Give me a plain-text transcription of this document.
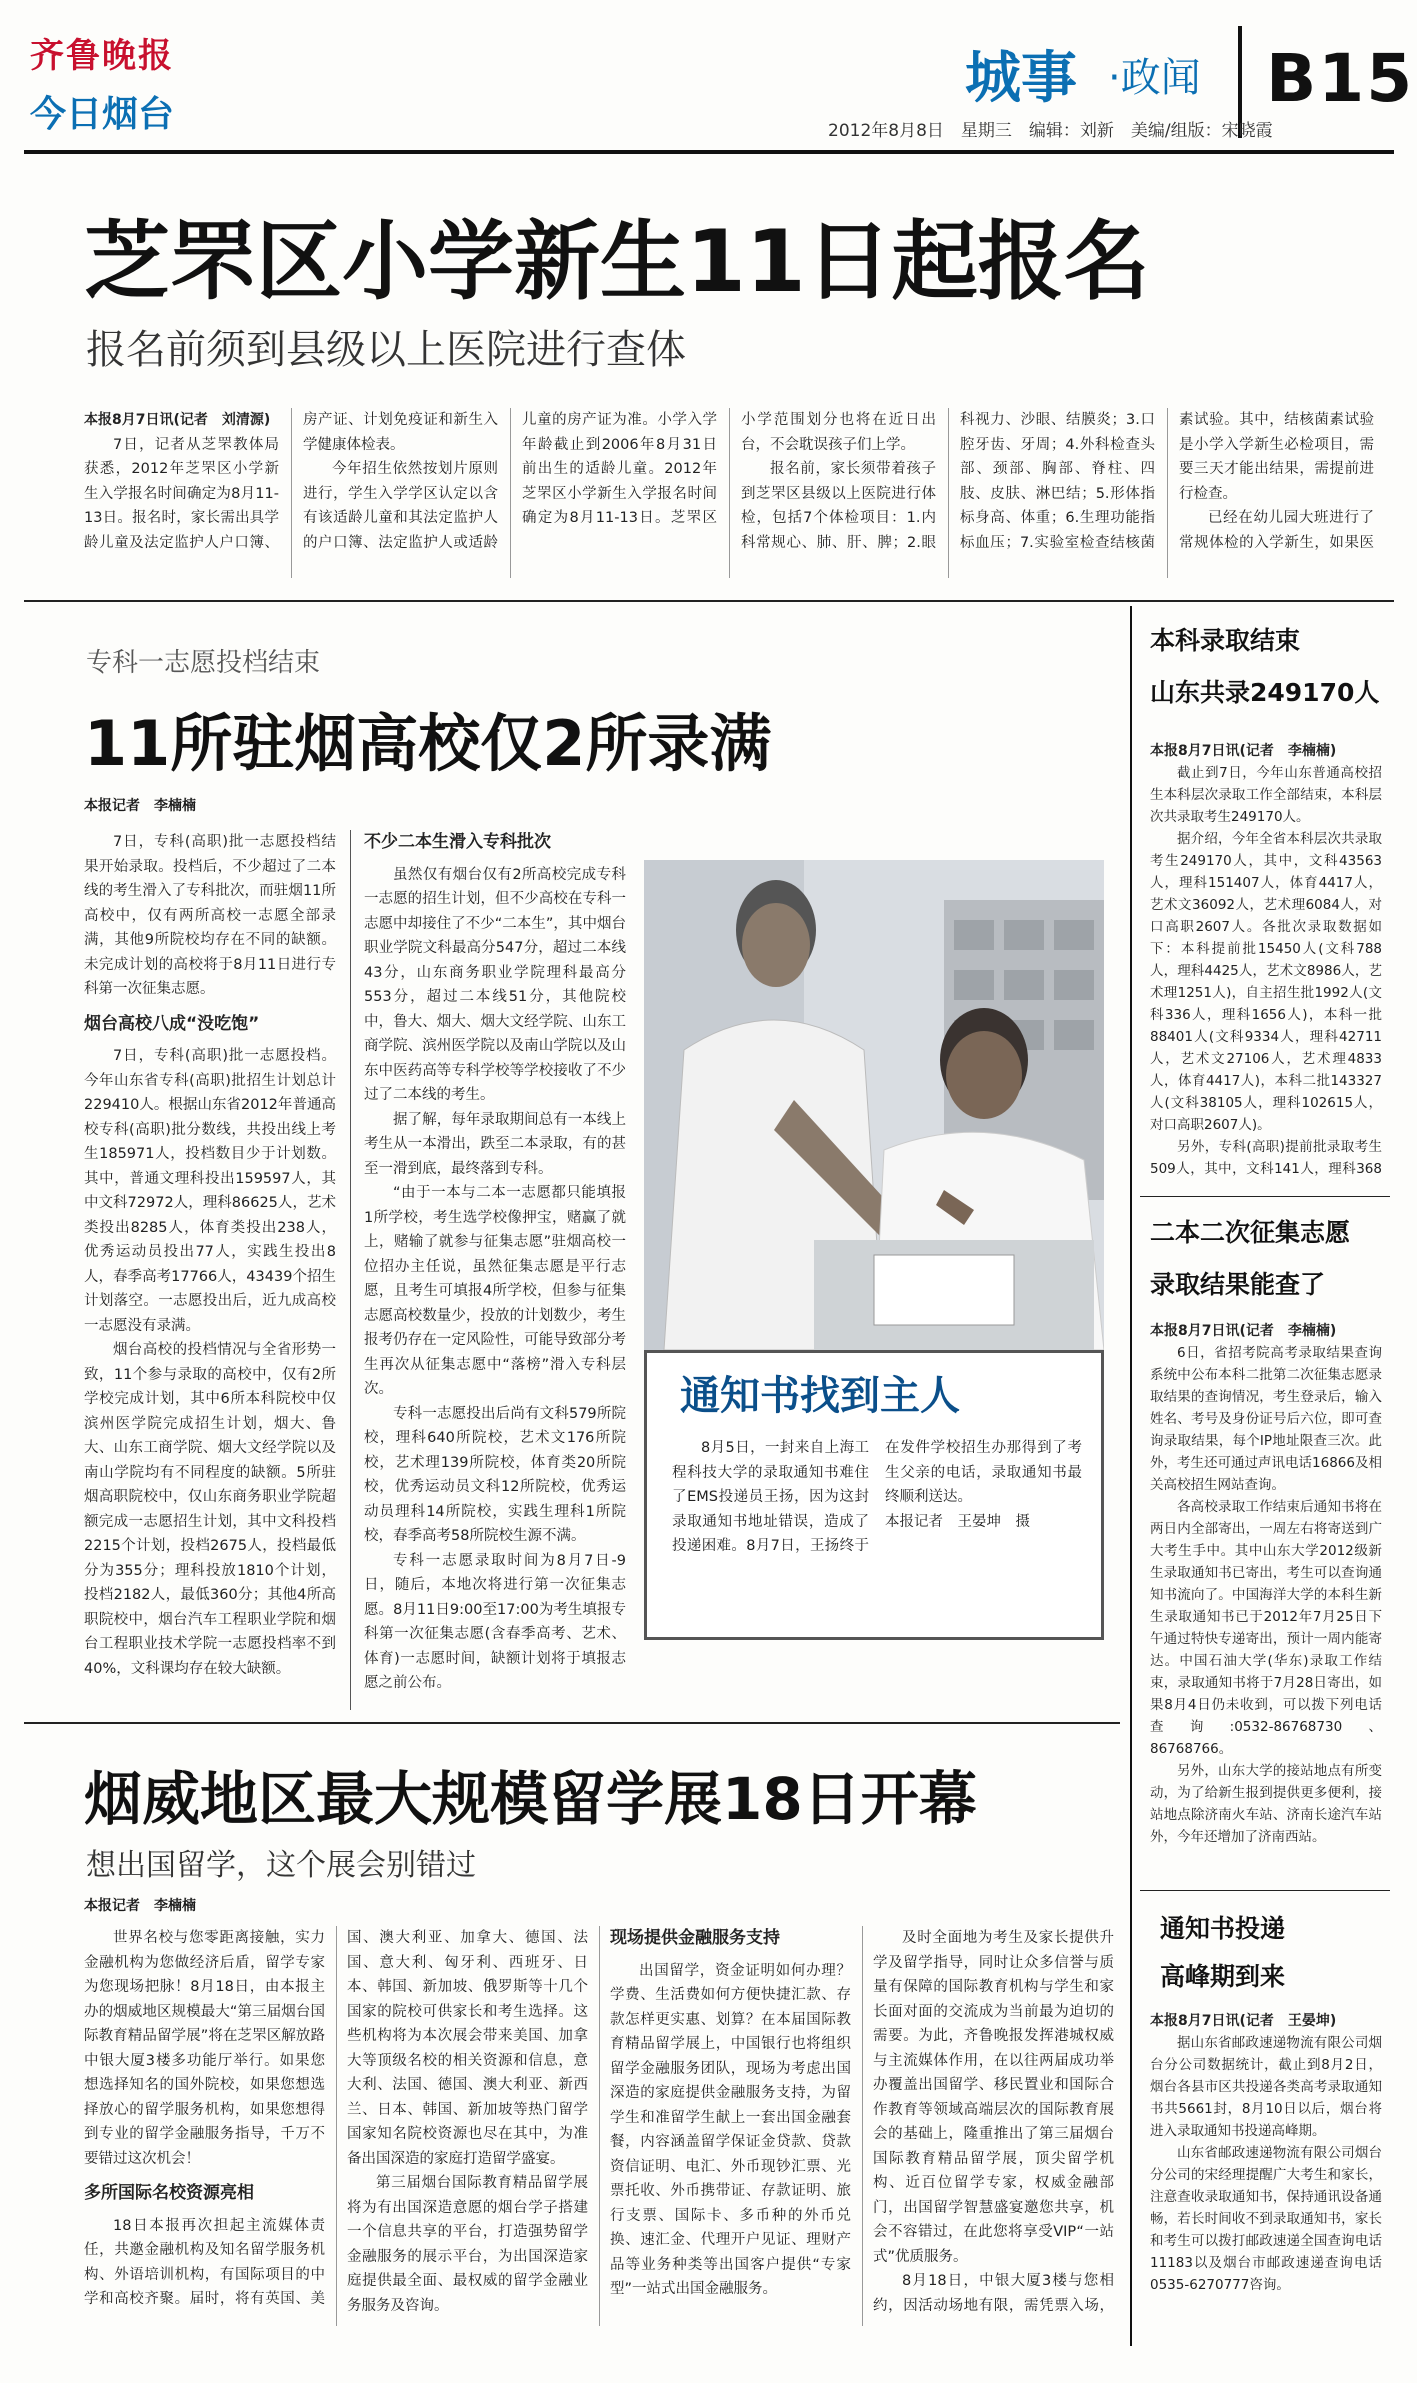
齐鲁晚报
今日烟台
城事 ·政闻 B15
2012年8月8日　星期三　编辑：刘新　美编/组版：宋晓霞
芝罘区小学新生11日起报名
报名前须到县级以上医院进行查体

本报8月7日讯(记者　刘清源)

7日，记者从芝罘教体局获悉，2012年芝罘区小学新生入学报名时间确定为8月11-13日。报名时，家长需出具学龄儿童及法定监护人户口簿、房产证、计划免疫证和新生入学健康体检表。

今年招生依然按划片原则进行，学生入学学区认定以含有该适龄儿童和其法定监护人的户口簿、法定监护人或适龄儿童的房产证为准。小学入学年龄截止到2006年8月31日前出生的适龄儿童。2012年芝罘区小学新生入学报名时间确定为8月11-13日。芝罘区小学范围划分也将在近日出台，不会耽误孩子们上学。

报名前，家长须带着孩子到芝罘区县级以上医院进行体检，包括7个体检项目：1.内科常规心、肺、肝、脾；2.眼科视力、沙眼、结膜炎；3.口腔牙齿、牙周；4.外科检查头部、颈部、胸部、脊柱、四肢、皮肤、淋巴结；5.形体指标身高、体重；6.生理功能指标血压；7.实验室检查结核菌素试验。其中，结核菌素试验是小学入学新生必检项目，需要三天才能出结果，需提前进行检查。

已经在幼儿园大班进行了常规体检的入学新生，如果医

专科一志愿投档结束
11所驻烟高校仅2所录满
本报记者　李楠楠

7日，专科(高职)批一志愿投档结果开始录取。投档后，不少超过了二本线的考生滑入了专科批次，而驻烟11所高校中，仅有两所高校一志愿全部录满，其他9所院校均存在不同的缺额。未完成计划的高校将于8月11日进行专科第一次征集志愿。

烟台高校八成“没吃饱”

7日，专科(高职)批一志愿投档。今年山东省专科(高职)批招生计划总计229410人。根据山东省2012年普通高校专科(高职)批分数线，共投出线上考生185971人，投档数目少于计划数。其中，普通文理科投出159597人，其中文科72972人，理科86625人，艺术类投出8285人，体育类投出238人，优秀运动员投出77人，实践生投出8人，春季高考17766人，43439个招生计划落空。一志愿投出后，近九成高校一志愿没有录满。

烟台高校的投档情况与全省形势一致，11个参与录取的高校中，仅有2所学校完成计划，其中6所本科院校中仅滨州医学院完成招生计划，烟大、鲁大、山东工商学院、烟大文经学院以及南山学院均有不同程度的缺额。5所驻烟高职院校中，仅山东商务职业学院超额完成一志愿招生计划，其中文科投档2215个计划，投档2675人，投档最低分为355分；理科投放1810个计划，投档2182人，最低360分；其他4所高职院校中，烟台汽车工程职业学院和烟台工程职业技术学院一志愿投档率不到40%，文科课均存在较大缺额。

不少二本生滑入专科批次

虽然仅有烟台仅有2所高校完成专科一志愿的招生计划，但不少高校在专科一志愿中却接住了不少“二本生”，其中烟台职业学院文科最高分547分，超过二本线43分，山东商务职业学院理科最高分553分，超过二本线51分，其他院校中，鲁大、烟大、烟大文经学院、山东工商学院、滨州医学院以及南山学院以及山东中医药高等专科学校等学校接收了不少过了二本线的考生。

据了解，每年录取期间总有一本线上考生从一本滑出，跌至二本录取，有的甚至一滑到底，最终落到专科。

“由于一本与二本一志愿都只能填报1所学校，考生选学校像押宝，赌赢了就上，赌输了就参与征集志愿”驻烟高校一位招办主任说，虽然征集志愿是平行志愿，且考生可填报4所学校，但参与征集志愿高校数量少，投放的计划数少，考生报考仍存在一定风险性，可能导致部分考生再次从征集志愿中“落榜”滑入专科层次。

专科一志愿投出后尚有文科579所院校，理科640所院校，艺术文176所院校，艺术理139所院校，体育类20所院校，优秀运动员文科12所院校，优秀运动员理科14所院校，实践生理科1所院校，春季高考58所院校生源不满。

专科一志愿录取时间为8月7日-9日，随后，本地次将进行第一次征集志愿。8月11日9:00至17:00为考生填报专科第一次征集志愿(含春季高考、艺术、体育)一志愿时间，缺额计划将于填报志愿之前公布。

通知书找到主人

8月5日，一封来自上海工程科技大学的录取通知书难住了EMS投递员王扬，因为这封录取通知书地址错误，造成了投递困难。8月7日，王扬终于在发件学校招生办那得到了考生父亲的电话，录取通知书最终顺利送达。

本报记者　王晏坤　摄

本科录取结束
山东共录249170人

本报8月7日讯(记者　李楠楠)

截止到7日，今年山东普通高校招生本科层次录取工作全部结束，本科层次共录取考生249170人。

据介绍，今年全省本科层次共录取考生249170人，其中，文科43563人，理科151407人，体育4417人，艺术文36092人，艺术理6084人，对口高职2607人。各批次录取数据如下：本科提前批15450人(文科788人，理科4425人，艺术文8986人，艺术理1251人)，自主招生批1992人(文科336人，理科1656人)，本科一批88401人(文科9334人，理科42711人，艺术文27106人，艺术理4833人，体育4417人)，本科二批143327人(文科38105人，理科102615人，对口高职2607人)。

另外，专科(高职)提前批录取考生509人，其中，文科141人，理科368

二本二次征集志愿
录取结果能查了

本报8月7日讯(记者　李楠楠)

6日，省招考院高考录取结果查询系统中公布本科二批第二次征集志愿录取结果的查询情况，考生登录后，输入姓名、考号及身份证号后六位，即可查询录取结果，每个IP地址限查三次。此外，考生还可通过声讯电话16866及相关高校招生网站查询。

各高校录取工作结束后通知书将在两日内全部寄出，一周左右将寄送到广大考生手中。其中山东大学2012级新生录取通知书已寄出，考生可以查询通知书流向了。中国海洋大学的本科生新生录取通知书已于2012年7月25日下午通过特快专递寄出，预计一周内能寄达。中国石油大学(华东)录取工作结束，录取通知书将于7月28日寄出，如果8月4日仍未收到，可以拨下列电话查询:0532-86768730、86768766。

另外，山东大学的接站地点有所变动，为了给新生报到提供更多便利，接站地点除济南火车站、济南长途汽车站外，今年还增加了济南西站。

通知书投递
高峰期到来

本报8月7日讯(记者　王晏坤)

据山东省邮政速递物流有限公司烟台分公司数据统计，截止到8月2日，烟台各县市区共投递各类高考录取通知书共5661封，8月10日以后，烟台将进入录取通知书投递高峰期。

山东省邮政速递物流有限公司烟台分公司的宋经理提醒广大考生和家长，注意查收录取通知书，保持通讯设备通畅，若长时间收不到录取通知书，家长和考生可以拨打邮政速递全国查询电话11183以及烟台市邮政速递查询电话0535-6270777咨询。

烟威地区最大规模留学展18日开幕
想出国留学，这个展会别错过
本报记者　李楠楠

世界名校与您零距离接触，实力金融机构为您做经济后盾，留学专家为您现场把脉！8月18日，由本报主办的烟威地区规模最大“第三届烟台国际教育精品留学展”将在芝罘区解放路中银大厦3楼多功能厅举行。如果您想选择知名的国外院校，如果您想选择放心的留学服务机构，如果您想得到专业的留学金融服务指导，千万不要错过这次机会！

多所国际名校资源亮相

18日本报再次担起主流媒体责任，共邀金融机构及知名留学服务机构、外语培训机构，有国际项目的中学和高校齐聚。届时，将有英国、美国、澳大利亚、加拿大、德国、法国、意大利、匈牙利、西班牙、日本、韩国、新加坡、俄罗斯等十几个国家的院校可供家长和考生选择。这些机构将为本次展会带来美国、加拿大等顶级名校的相关资源和信息，意大利、法国、德国、澳大利亚、新西兰、日本、韩国、新加坡等热门留学国家知名院校资源也尽在其中，为准备出国深造的家庭打造留学盛宴。

第三届烟台国际教育精品留学展将为有出国深造意愿的烟台学子搭建一个信息共享的平台，打造强势留学金融服务的展示平台，为出国深造家庭提供最全面、最权威的留学金融业务服务及咨询。

现场提供金融服务支持

出国留学，资金证明如何办理？学费、生活费如何方便快捷汇款、存款怎样更实惠、划算？在本届国际教育精品留学展上，中国银行也将组织留学金融服务团队，现场为考虑出国深造的家庭提供金融服务支持，为留学生和准留学生献上一套出国金融套餐，内容涵盖留学保证金贷款、贷款资信证明、电汇、外币现钞汇票、光票托收、外币携带证、存款证明、旅行支票、国际卡、多币种的外币兑换、速汇金、代理开户见证、理财产品等业务种类等出国客户提供“专家型”一站式出国金融服务。

及时全面地为考生及家长提供升学及留学指导，同时让众多信誉与质量有保障的国际教育机构与学生和家长面对面的交流成为当前最为迫切的需要。为此，齐鲁晚报发挥港城权威与主流媒体作用，在以往两届成功举办覆盖出国留学、移民置业和国际合作教育等领域高端层次的国际教育展会的基础上，隆重推出了第三届烟台国际教育精品留学展，顶尖留学机构、近百位留学专家，权威金融部门，出国留学智慧盛宴邀您共享，机会不容错过，在此您将享受VIP“一站式”优质服务。

8月18日，中银大厦3楼与您相约，因活动场地有限，需凭票入场，
